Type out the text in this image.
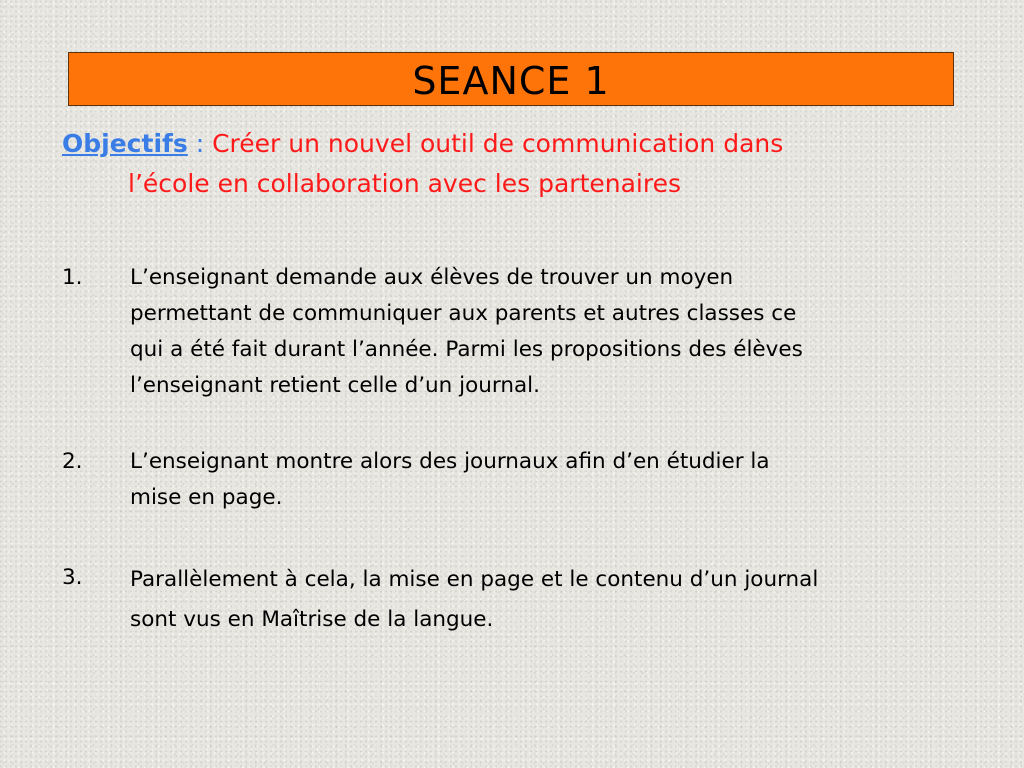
SEANCE 1
Objectifs : Créer un nouvel outil de communication dans
l’école en collaboration avec les partenaires
1. L’enseignant demande aux élèves de trouver un moyen
permettant de communiquer aux parents et autres classes ce
qui a été fait durant l’année. Parmi les propositions des élèves
l’enseignant retient celle d’un journal.
2. L’enseignant montre alors des journaux afin d’en étudier la
mise en page.
3. Parallèlement à cela, la mise en page et le contenu d’un journal
sont vus en Maîtrise de la langue.
